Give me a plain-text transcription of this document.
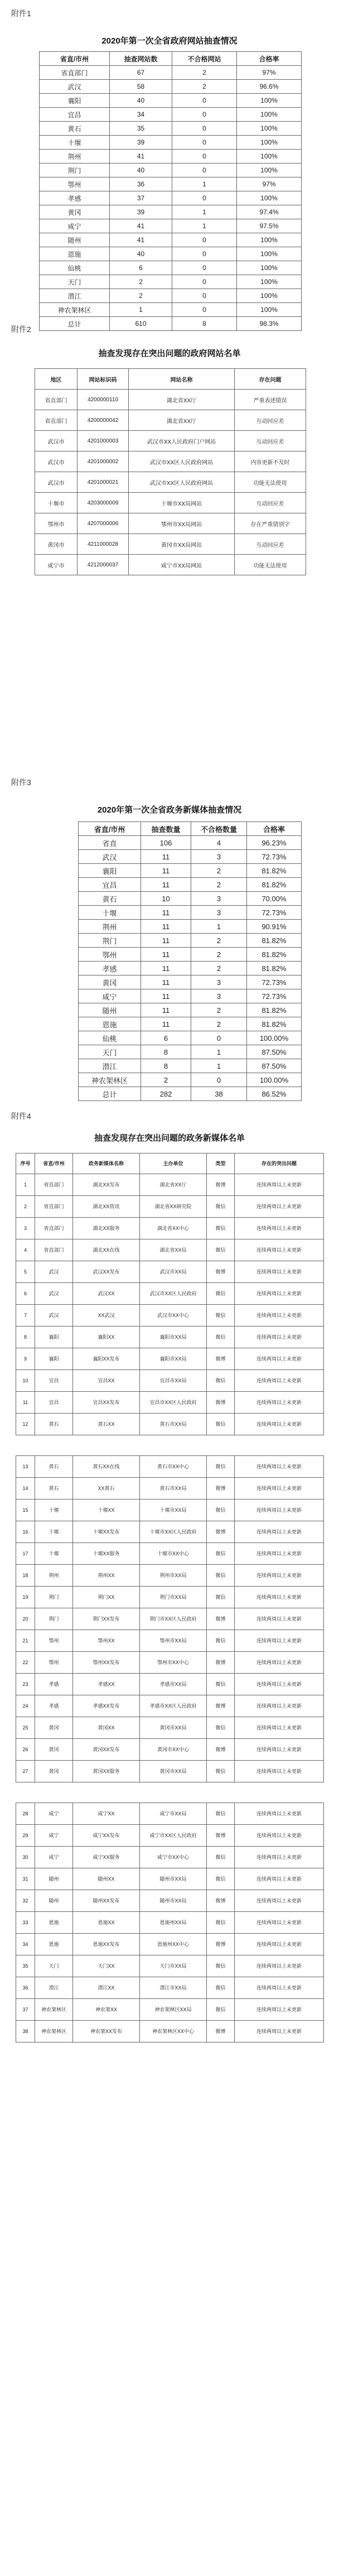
附件1
2020年第一次全省政府网站抽查情况
省直/市州	抽查网站数	不合格网站	合格率
省直部门	67	2	97%
武汉	58	2	96.6%
襄阳	40	0	100%
宜昌	34	0	100%
黄石	35	0	100%
十堰	39	0	100%
荆州	41	0	100%
荆门	40	0	100%
鄂州	36	1	97%
孝感	37	0	100%
黄冈	39	1	97.4%
咸宁	41	1	97.5%
随州	41	0	100%
恩施	40	0	100%
仙桃	6	0	100%
天门	2	0	100%
潜江	2	0	100%
神农架林区	1	0	100%
总计	610	8	98.3%
附件2
抽查发现存在突出问题的政府网站名单
地区	网站标识码	网站名称	存在问题
省直部门	4200000110	湖北省XX厅	严重表述错误
省直部门	4200000042	湖北省XX厅	互动回应差
武汉市	4201000003	武汉市XX人民政府门户网站	互动回应差
武汉市	4201000002	武汉市XX区人民政府网站	内容更新不及时
武汉市	4201000021	武汉市XX区人民政府网站	功能无法使用
十堰市	4203000009	十堰市XX局网站	互动回应差
鄂州市	4207000006	鄂州市XX局网站	存在严重错别字
黄冈市	4211000028	黄冈市XX局网站	互动回应差
咸宁市	4212000037	咸宁市XX局网站	功能无法使用
附件3
2020年第一次全省政务新媒体抽查情况
省直/市州	抽查数量	不合格数量	合格率
省直	106	4	96.23%
武汉	11	3	72.73%
襄阳	11	2	81.82%
宜昌	11	2	81.82%
黄石	10	3	70.00%
十堰	11	3	72.73%
荆州	11	1	90.91%
荆门	11	2	81.82%
鄂州	11	2	81.82%
孝感	11	2	81.82%
黄冈	11	3	72.73%
咸宁	11	3	72.73%
随州	11	2	81.82%
恩施	11	2	81.82%
仙桃	6	0	100.00%
天门	8	1	87.50%
潜江	8	1	87.50%
神农架林区	2	0	100.00%
总计	282	38	86.52%
附件4
抽查发现存在突出问题的政务新媒体名单
序号	省直/市州	政务新媒体名称	主办单位	类型	存在的突出问题
1	省直部门	湖北XX发布	湖北省XX厅	微博	连续两周以上未更新
2	省直部门	湖北XX资讯	湖北省XX研究院	微信	连续两周以上未更新
3	省直部门	湖北XX服务	湖北省XX中心	微信	连续两周以上未更新
4	省直部门	湖北XX在线	湖北省XX局	微信	连续两周以上未更新
5	武汉	武汉XX发布	武汉市XX局	微博	连续两周以上未更新
6	武汉	武汉XX	武汉市XX区人民政府	微信	连续两周以上未更新
7	武汉	XX武汉	武汉市XX中心	微信	连续两周以上未更新
8	襄阳	襄阳XX	襄阳市XX局	微信	连续两周以上未更新
9	襄阳	襄阳XX发布	襄阳市XX局	微博	连续两周以上未更新
10	宜昌	宜昌XX	宜昌市XX局	微信	连续两周以上未更新
11	宜昌	宜昌XX发布	宜昌市XX区人民政府	微博	连续两周以上未更新
12	黄石	黄石XX	黄石市XX局	微信	连续两周以上未更新

13	黄石	黄石XX在线	黄石市XX中心	微信	连续两周以上未更新
14	黄石	XX黄石	黄石市XX局	微博	连续两周以上未更新
15	十堰	十堰XX	十堰市XX局	微信	连续两周以上未更新
16	十堰	十堰XX发布	十堰市XX区人民政府	微博	连续两周以上未更新
17	十堰	十堰XX服务	十堰市XX中心	微信	连续两周以上未更新
18	荆州	荆州XX	荆州市XX局	微信	连续两周以上未更新
19	荆门	荆门XX	荆门市XX局	微信	连续两周以上未更新
20	荆门	荆门XX发布	荆门市XX区人民政府	微博	连续两周以上未更新
21	鄂州	鄂州XX	鄂州市XX局	微信	连续两周以上未更新
22	鄂州	鄂州XX发布	鄂州市XX中心	微博	连续两周以上未更新
23	孝感	孝感XX	孝感市XX局	微信	连续两周以上未更新
24	孝感	孝感XX发布	孝感市XX区人民政府	微博	连续两周以上未更新
25	黄冈	黄冈XX	黄冈市XX局	微信	连续两周以上未更新
26	黄冈	黄冈XX发布	黄冈市XX中心	微博	连续两周以上未更新
27	黄冈	黄冈XX服务	黄冈市XX局	微信	连续两周以上未更新

28	咸宁	咸宁XX	咸宁市XX局	微信	连续两周以上未更新
29	咸宁	咸宁XX发布	咸宁市XX区人民政府	微博	连续两周以上未更新
30	咸宁	咸宁XX服务	咸宁市XX中心	微信	连续两周以上未更新
31	随州	随州XX	随州市XX局	微信	连续两周以上未更新
32	随州	随州XX发布	随州市XX局	微博	连续两周以上未更新
33	恩施	恩施XX	恩施州XX局	微信	连续两周以上未更新
34	恩施	恩施XX发布	恩施州XX中心	微博	连续两周以上未更新
35	天门	天门XX	天门市XX局	微信	连续两周以上未更新
36	潜江	潜江XX	潜江市XX局	微信	连续两周以上未更新
37	神农架林区	神农架XX	神农架林区XX局	微信	连续两周以上未更新
38	神农架林区	神农架XX发布	神农架林区XX中心	微博	连续两周以上未更新
